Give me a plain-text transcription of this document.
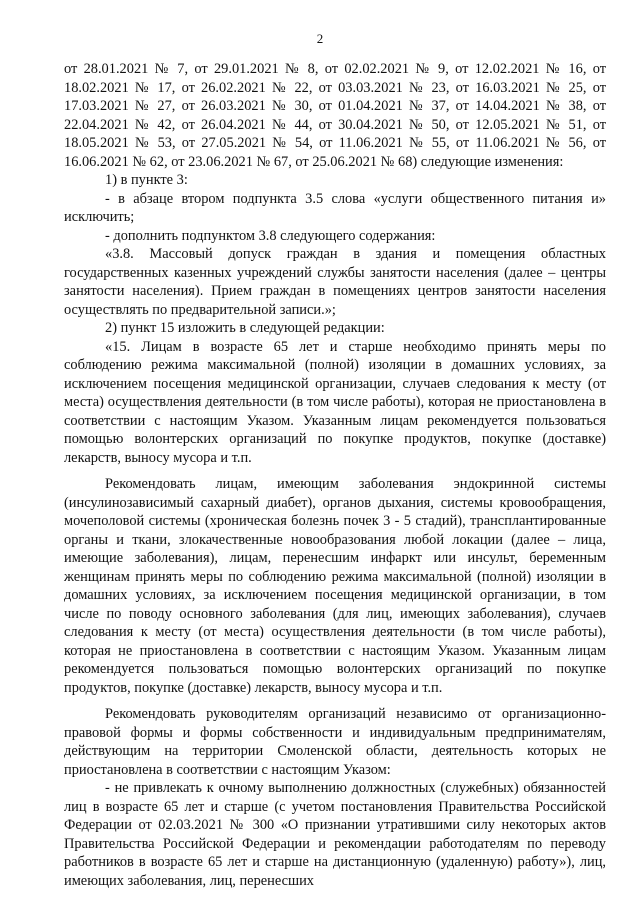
2

от 28.01.2021 № 7, от 29.01.2021 № 8, от 02.02.2021 № 9, от 12.02.2021 № 16, от 18.02.2021 № 17, от 26.02.2021 № 22, от 03.03.2021 № 23, от 16.03.2021 № 25, от 17.03.2021 № 27, от 26.03.2021 № 30, от 01.04.2021 № 37, от 14.04.2021 № 38, от 22.04.2021 № 42, от 26.04.2021 № 44, от 30.04.2021 № 50, от 12.05.2021 № 51, от 18.05.2021 № 53, от 27.05.2021 № 54, от 11.06.2021 № 55, от 11.06.2021 № 56, от 16.06.2021 № 62, от 23.06.2021 № 67, от 25.06.2021 № 68) следующие изменения:

1) в пункте 3:

- в абзаце втором подпункта 3.5 слова «услуги общественного питания и» исключить;

- дополнить подпунктом 3.8 следующего содержания:

«3.8. Массовый допуск граждан в здания и помещения областных государственных казенных учреждений службы занятости населения (далее – центры занятости населения). Прием граждан в помещениях центров занятости населения осуществлять по предварительной записи.»;

2) пункт 15 изложить в следующей редакции:

«15. Лицам в возрасте 65 лет и старше необходимо принять меры по соблюдению режима максимальной (полной) изоляции в домашних условиях, за исключением посещения медицинской организации, случаев следования к месту (от места) осуществления деятельности (в том числе работы), которая не приостановлена в соответствии с настоящим Указом. Указанным лицам рекомендуется пользоваться помощью волонтерских организаций по покупке продуктов, покупке (доставке) лекарств, выносу мусора и т.п.

Рекомендовать лицам, имеющим заболевания эндокринной системы (инсулинозависимый сахарный диабет), органов дыхания, системы кровообращения, мочеполовой системы (хроническая болезнь почек 3 - 5 стадий), трансплантированные органы и ткани, злокачественные новообразования любой локации (далее – лица, имеющие заболевания), лицам, перенесшим инфаркт или инсульт, беременным женщинам принять меры по соблюдению режима максимальной (полной) изоляции в домашних условиях, за исключением посещения медицинской организации, в том числе по поводу основного заболевания (для лиц, имеющих заболевания), случаев следования к месту (от места) осуществления деятельности (в том числе работы), которая не приостановлена в соответствии с настоящим Указом. Указанным лицам рекомендуется пользоваться помощью волонтерских организаций по покупке продуктов, покупке (доставке) лекарств, выносу мусора и т.п.

Рекомендовать руководителям организаций независимо от организационно-правовой формы и формы собственности и индивидуальным предпринимателям, действующим на территории Смоленской области, деятельность которых не приостановлена в соответствии с настоящим Указом:

- не привлекать к очному выполнению должностных (служебных) обязанностей лиц в возрасте 65 лет и старше (с учетом постановления Правительства Российской Федерации от 02.03.2021 № 300 «О признании утратившими силу некоторых актов Правительства Российской Федерации и рекомендации работодателям по переводу работников в возрасте 65 лет и старше на дистанционную (удаленную) работу»), лиц, имеющих заболевания, лиц, перенесших
